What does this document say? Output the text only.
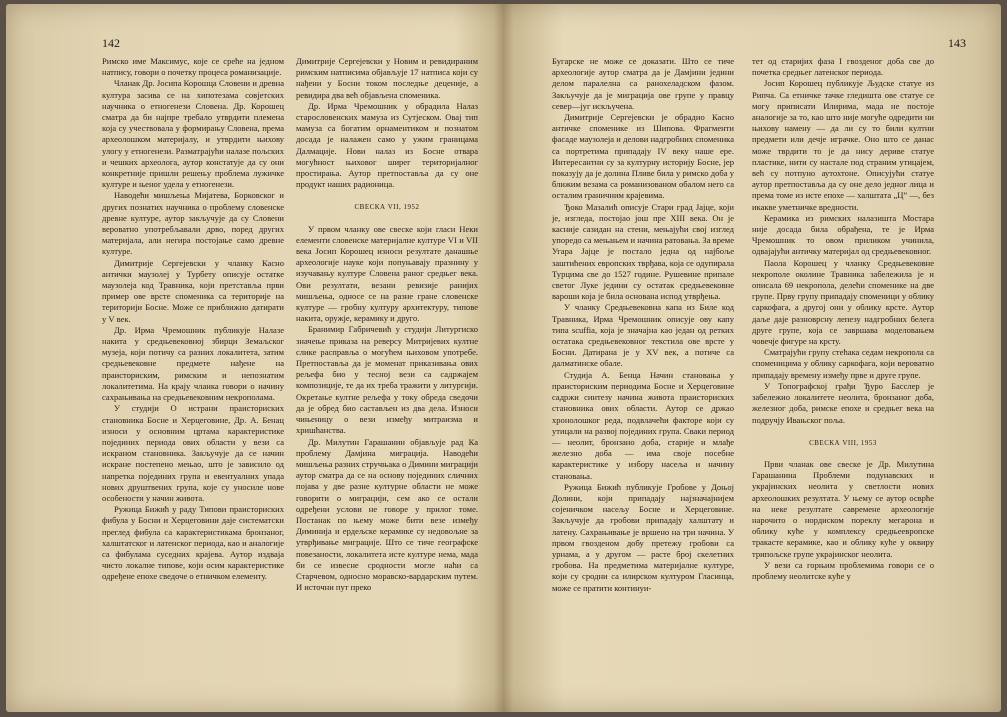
142

Римско име Максимус, које се среће на једном натпису, говори о почетку процеса романизације.

Чланак Др. Јосипа Корошца Словени и древна култура засива се на хипотезама совјетских научника о етногенези Словена. Др. Корошец сматра да би најпре требало утврдити племена која су учествовала у формирању Словена, према археолошком материјалу, и утврдити њихову улогу у етногенези. Разматрајући налазе пољских и чешких археолога, аутор констатује да су они конкретније пришли решењу проблема лужичке културе и њеног удела у етногенези.

Наводећи мишљења Мијатева, Борковског и других познатих научника о проблему словенске древне културе, аутор закључује да су Словени вероватно употребљавали дрво, поред других материјала, али негира постојање само древне културе.

Димитрије Сергејевски у чланку Касно антички маузолеј у Турбету описује остатке маузолеја код Травника, који претставља први пример ове врсте споменика са територије на територији Босне. Може се приближно датирати у V век.

Др. Ирма Чремошник публикује Налазе накита у средњевековној збирци Земаљског музеја, који потичу са разних локалитета, затим средњевековне предмете нађене на праисториским, римским и непознатим локалитетима. На крају чланка говори о начину сахрањивања на средњевековним некрополама.

У студији О истрани праисториских становника Босне и Херцеговине, Др. А. Бенац износи у основним цртама карактеристике појединих периода ових области у вези са искраном становника. Закључује да се начин искране постепено мењао, што је зависило од напретка појединих група и евентуалних упада нових друштвених група, које су уносиле нове особености у начин живота.

Ружица Бижић у раду Типови праисториских фибула у Босни и Херцеговини даје систематски преглед фибула са карактеристикама бронзаног, халштатског и латенског периода, као и аналогије са фибулама суседних крајева. Аутор издваја чисто локалне типове, који осим карактеристике одређене епохе сведоче о етничком елементу.

Димитрије Сергејевски у Новим и ревидираним римским натписима објављује 17 натписа који су нађени у Босни током последње деценије, а ревидира два већ објављена споменика.

Др. Ирма Чремошник у обрадила Налаз старословенских мамуза из Сутјеском. Овај тип мамуза са богатим орнаментиком и познатом досада је налажен само у ужим границама Далмације. Нови налаз из Босне отвара могућност њиховог ширег територијалног простирања. Аутор претпоставља да су оне продукт наших радионица.

СВЕСКА VII, 1952

У првом чланку ове свеске који гласи Неки елементи словенске материјалне културе VI и VII века Јосип Корошец износи резултате данашње археологије науке који попуњавају празнину у изучавању културе Словена раног средњег века. Ови резултати, везани ревизије ранијих мишљења, односе се на разне гране словенске културе — гробну културу архитектуру, типове накита, оружје, керамику и друго.

Бранимир Габричевић у студији Литургиско значење приказа на реверсу Митријевих култне слике расправља о могућем њиховом употребе. Претпоставља да је моменат приказивања ових рељефа био у тесној вези са садржајем композиције, те да их треба тражити у литургији. Окретање култне рељефа у току обреда сведочи да је обред био састављен из два дела. Износи чињеницу о вези између митраизма и хришћанства.

Др. Милутин Гарашанин објављује рад Ка проблему Дамјина миграција. Наводећи мишљења разних стручњака о Димини миграцији аутор сматра да се на основу појединих сличних појава у две разне културне области не може говорити о миграцији, сем ако се остали одређени услови не говоре у прилог томе. Постанак по њему може бити везе између Диминија и ердељске керамике су недовољне за утврђивање миграције. Што се тиче географске повезаности, локалитета исте културе нема, мада би се извесне сродности могле наћи са Старчевом, односно моравско-вардарским путем. И источни пут преко

143

Бугарске не може се доказати. Што се тиче археологије аутор сматра да је Дамјини једини делом паралелна са ранохеладском фазом. Закључује да је миграција ове групе у правцу север—југ искључена.

Димитрије Сергејевски је обрадио Касно античке споменике из Шипова. Фрагменти фасаде маузолеја и делови надгробних споменика са портретима припадају IV веку наше ере. Интересантни су за културну историју Босне, јер показују да је долина Пливе била у римско доба у ближим везама са романизованом обалом него са осталим граничним крајевима.

Ђоко Мазалић описује Стари град Јајце, који је, изгледа, постојао још пре XIII века. Он је касније сазидан на стени, мењајући свој изглед упоредо са мењањем и начина ратовања. За време Угара Јајце је постало једна од најбоље заштићених европских тврђава, која се одупирала Турцима све до 1527 године. Рушевине припале светог Луке једини су остатак средњевековне вароши која је била основана испод утврђења.

У чланку Средњевековна капа из Биле код Травника, Ирма Чремошник описује ову капу типа scuffia, која је значајна као један од ретких остатака средњевековног текстила ове врсте у Босни. Датирана је у XV век, а потиче са далматинске обале.

Студија А. Бенца Начин становања у праисториским периодима Босне и Херцеговине садржи синтезу начина живота праисториских становника ових области. Аутор се држао хронолошког реда, подвлачећи факторе који су утицали на развој појединих група. Сваки период — неолит, бронзано доба, старије и млађе железно доба — има своје посебне карактеристике у избору насеља и начину становања.

Ружица Бижић публикује Гробове у Доњој Долини, који припадају најзначајнијем сојеничком насељу Босне и Херцеговине. Закључује да гробови припадају халштату и латену. Сахрањивање је вршено на три начина. У првом гвозденом добу претежу гробови са урнама, а у другом — расте број скелетних гробова. На предметима материјалне културе, који су сродни са илирском културом Гласинца, може се пратити континуи-

тет од старијих фаза I гвозденог доба све до почетка средњег латенског периода.

Јосип Корошец публикује Људске статуе из Рипча. Са етничке тачке гледишта ове статуе се могу приписати Илирима, мада не постоје аналогије за то, као што није могуће одредити ни њихову намену — да ли су то били култни предмети или дечје играчке. Оно што се данас може тврдити то је да нису дериве статуе пластике, нити су настале под страним утицајем, већ су потпуно аутохтоне. Описујући статуе аутор претпоставља да су оне дело једног лица и према томе из исте епохе — халштата „Ц” —, без икакве уметничке вредности.

Керамика из римских налазишта Мостара није досада била обрађена, те је Ирма Чремошник то овом приликом учинила, одвајајући античку материјал од средњевековног.

Паола Корошец у чланку Средњевековне некрополе околине Травника забележила је и описала 69 некропола, делећи споменике на две групе. Прву групу припадају споменици у облику саркофага, а другој они у облику крсте. Аутор даље даје разноврсну лепезу надгробних белега друге групе, која се завршава моделовањем човечје фигуре на крсту.

Сматрајући групу стећака седам некропола са споменицима у облику саркофага, који вероватно припадају времену између прве и друге групе.

У Топографској грађи Ђуро Басслер је забележио локалитете неолита, бронзаног доба, железног доба, римске епохе и средњег века на подручју Ивањског поља.

СВЕСКА VIII, 1953

Први чланак ове свеске је Др. Милутина Гарашанина Проблеми подунавских и украјинских неолита у светлости нових археолошких резултата. У њему се аутор осврће на неке резултате савремене археологије нарочито о нордиском пореклу мегарона и облику куће у комплексу средњеевропске тракасте керамике, као и облику куће у оквиру трипољске групе украјинског неолита.

У вези са горњим проблемима говори се о проблему неолитске куће у
